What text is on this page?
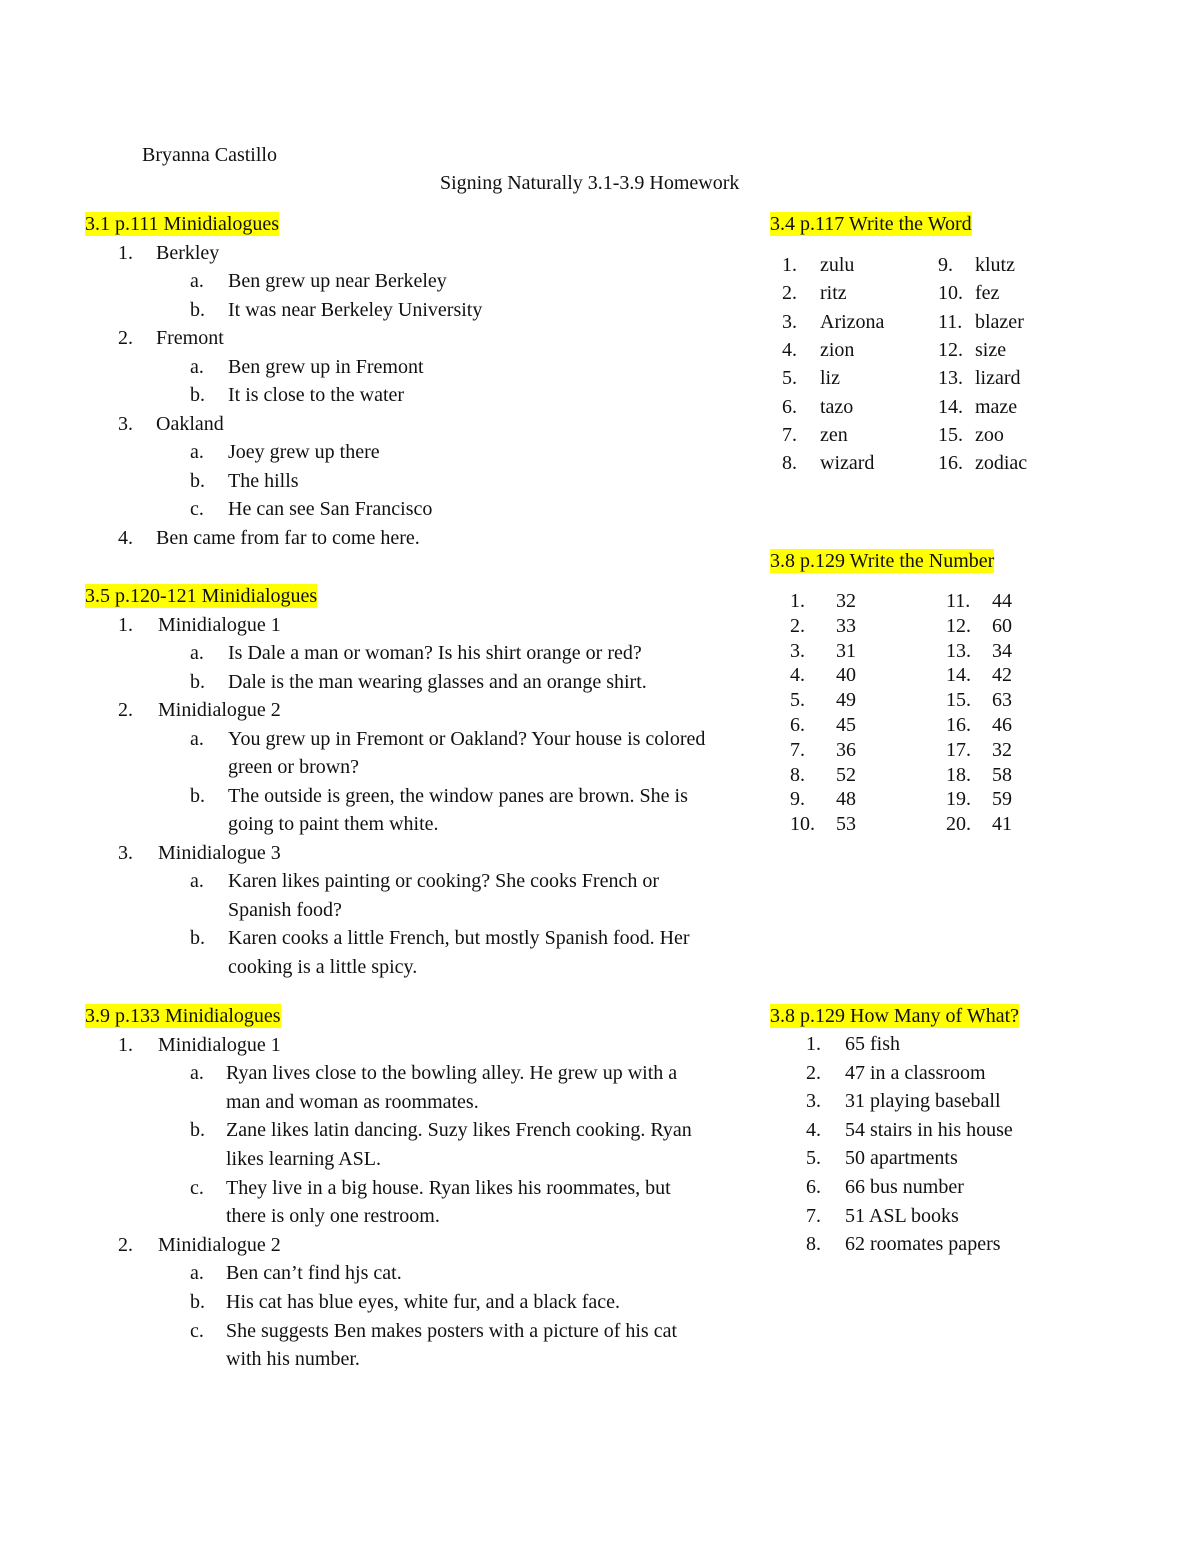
Bryanna Castillo
Signing Naturally 3.1-3.9 Homework
3.1 p.111 Minidialogues
1. Berkley
a. Ben grew up near Berkeley
b. It was near Berkeley University
2. Fremont
a. Ben grew up in Fremont
b. It is close to the water
3. Oakland
a. Joey grew up there
b. The hills
c. He can see San Francisco
4. Ben came from far to come here.
3.5 p.120-121 Minidialogues
1. Minidialogue 1
a. Is Dale a man or woman? Is his shirt orange or red?
b. Dale is the man wearing glasses and an orange shirt.
2. Minidialogue 2
a. You grew up in Fremont or Oakland? Your house is colored
green or brown?
b. The outside is green, the window panes are brown. She is
going to paint them white.
3. Minidialogue 3
a. Karen likes painting or cooking? She cooks French or
Spanish food?
b. Karen cooks a little French, but mostly Spanish food. Her
cooking is a little spicy.
3.9 p.133 Minidialogues
1. Minidialogue 1
a. Ryan lives close to the bowling alley. He grew up with a
man and woman as roommates.
b. Zane likes latin dancing. Suzy likes French cooking. Ryan
likes learning ASL.
c. They live in a big house. Ryan likes his roommates, but
there is only one restroom.
2. Minidialogue 2
a. Ben can’t find hjs cat.
b. His cat has blue eyes, white fur, and a black face.
c. She suggests Ben makes posters with a picture of his cat
with his number.
3.4 p.117 Write the Word
1. zulu
2. ritz
3. Arizona
4. zion
5. liz
6. tazo
7. zen
8. wizard
9. klutz
10. fez
11. blazer
12. size
13. lizard
14. maze
15. zoo
16. zodiac
3.8 p.129 Write the Number
1. 32
2. 33
3. 31
4. 40
5. 49
6. 45
7. 36
8. 52
9. 48
10. 53
11. 44
12. 60
13. 34
14. 42
15. 63
16. 46
17. 32
18. 58
19. 59
20. 41
3.8 p.129 How Many of What?
1. 65 fish
2. 47 in a classroom
3. 31 playing baseball
4. 54 stairs in his house
5. 50 apartments
6. 66 bus number
7. 51 ASL books
8. 62 roomates papers
